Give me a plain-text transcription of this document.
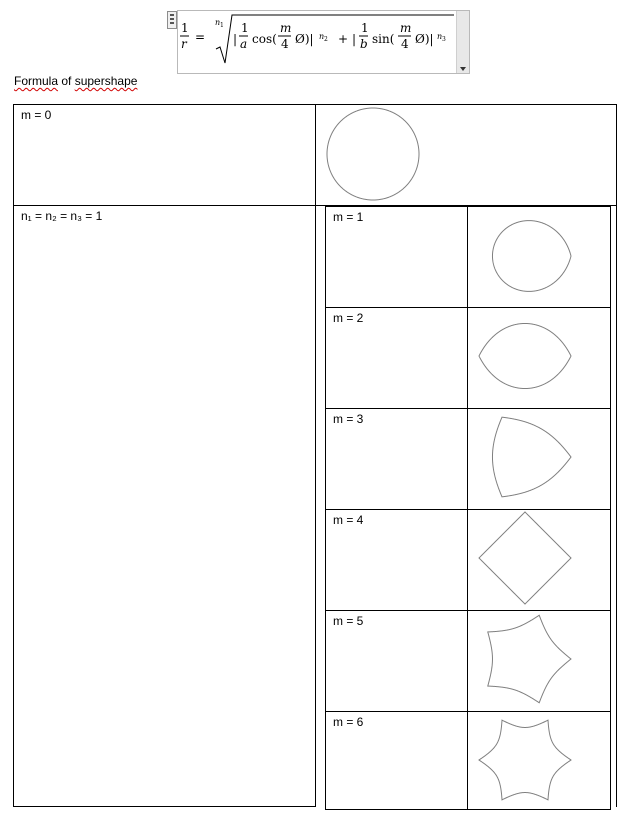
1
r =
n 1
|
1
a cos(
m
4 Ø)| n 2 + |
1
b sin(
m
4 Ø)| n 3
Formula of supershape
m = 0
n₁ = n₂ = n₃ = 1	m = 1
m = 2
m = 3
m = 4
m = 5
m = 6
